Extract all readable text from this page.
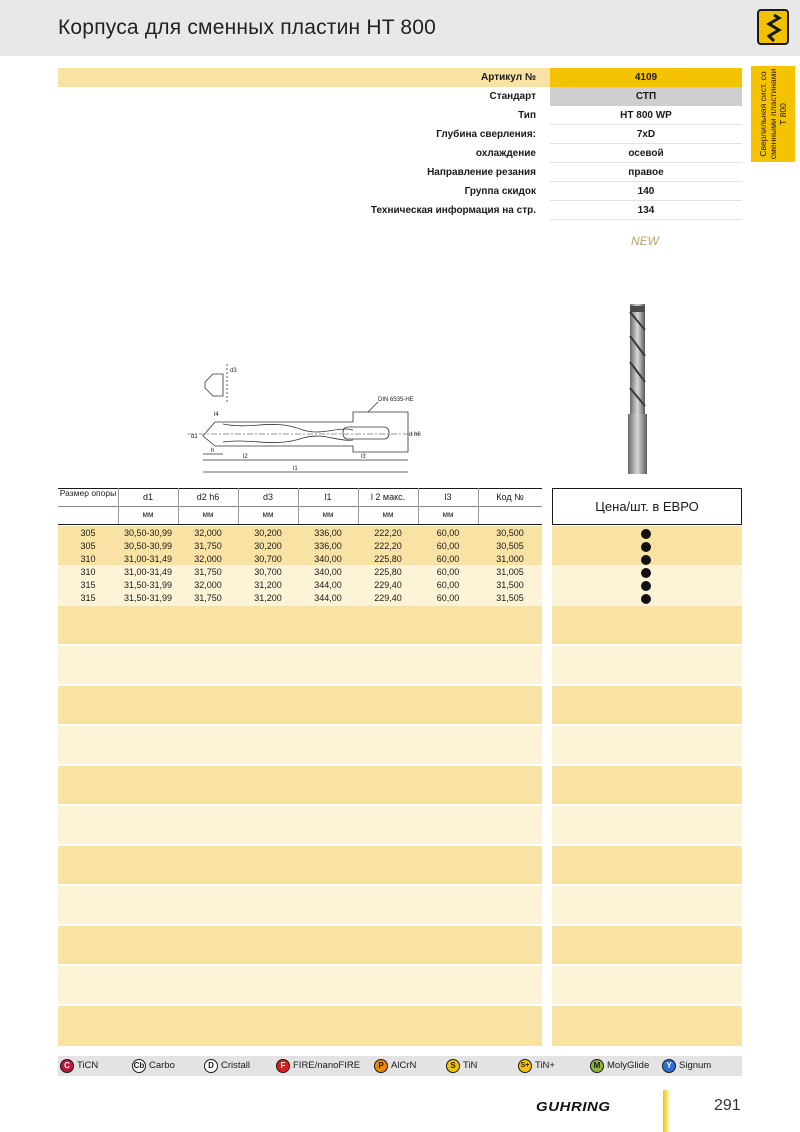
Корпуса для сменных пластин HT 800
Сверлильная сист. со сменными пластинами Т 800
Артикул №	4109
Стандарт	СТП
Тип	HT 800 WP
Глубина сверления:	7xD
охлаждение	осевой
Направление резания	правое
Группа скидок	140
Техническая информация на стр.	134
NEW
d3
l4
DIN 6535-HE
d1	d h6
h
l2	l3
l1
Размер опоры	d1	d2 h6	d3	l1	l 2 макс.	l3	Код №
мм	мм	мм	мм	мм	мм
Цена/шт. в ЕВРО
305	30,50-30,99	32,000	30,200	336,00	222,20	60,00	30,500
305	30,50-30,99	31,750	30,200	336,00	222,20	60,00	30,505
310	31,00-31,49	32,000	30,700	340,00	225,80	60,00	31,000
310	31,00-31,49	31,750	30,700	340,00	225,80	60,00	31,005
315	31,50-31,99	32,000	31,200	344,00	229,40	60,00	31,500
315	31,50-31,99	31,750	31,200	344,00	229,40	60,00	31,505
C TiCN	Cb Carbo	D Cristall	F FIRE/nanoFIRE	P AlCrN	S TiN	S+ TiN+	M MolyGlide	Y Signum
GUHRING	291
